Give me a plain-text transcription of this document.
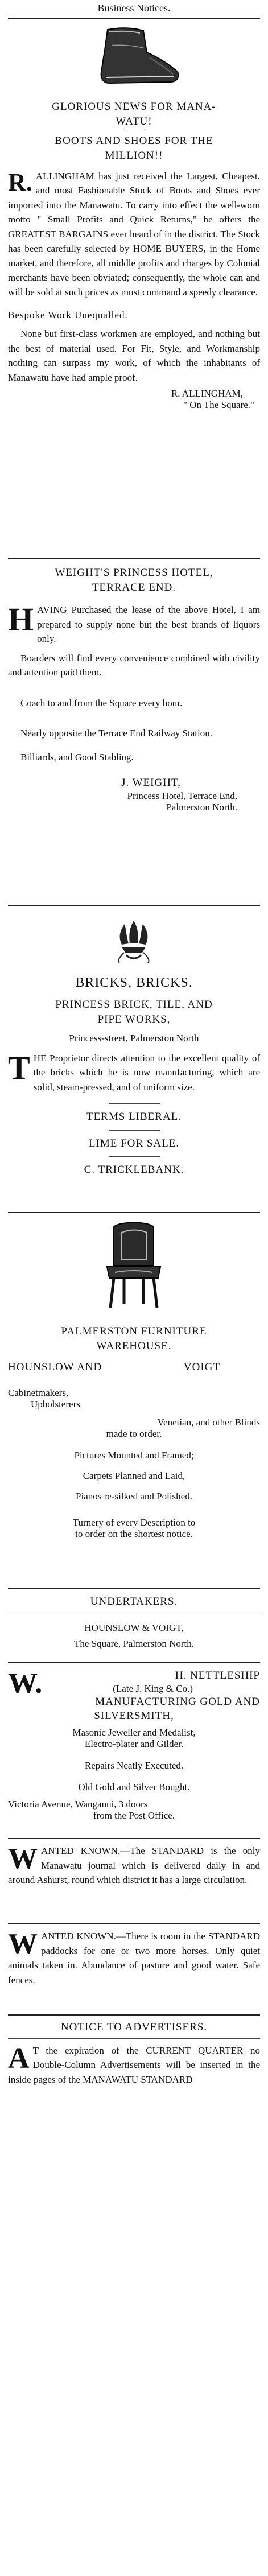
Business Notices.
GLORIOUS NEWS FOR MANA-
WATU!
BOOTS AND SHOES FOR THE
MILLION!!
R. ALLINGHAM has just received the Largest, Cheapest, and most Fashionable Stock of Boots and Shoes ever imported into the Manawatu. To carry into effect the well-worn motto " Small Profits and Quick Returns," he offers the GREATEST BARGAINS ever heard of in the district. The Stock has been carefully selected by HOME BUYERS, in the Home market, and therefore, all middle profits and charges by Colonial merchants have been obviated; consequently, the whole can and will be sold at such prices as must command a speedy clearance.

Bespoke Work Unequalled.

None but first-class workmen are employed, and nothing but the best of material used. For Fit, Style, and Workmanship nothing can surpass my work, of which the inhabitants of Manawatu have had ample proof.

R. ALLINGHAM,
" On The Square."
WEIGHT'S PRINCESS HOTEL,
TERRACE END.
H AVING Purchased the lease of the above Hotel, I am prepared to supply none but the best brands of liquors only.

Boarders will find every convenience combined with civility and attention paid them.

Coach to and from the Square every hour.

Nearly opposite the Terrace End Railway Station.

Billiards, and Good Stabling.

J. WEIGHT,
Princess Hotel, Terrace End,
Palmerston North.
BRICKS, BRICKS.
PRINCESS BRICK, TILE, AND
PIPE WORKS,
Princess-street, Palmerston North
T HE Proprietor directs attention to the excellent quality of the bricks which he is now manufacturing, which are solid, steam-pressed, and of uniform size.

TERMS LIBERAL.
LIME FOR SALE.
C. TRICKLEBANK.
PALMERSTON FURNITURE
WAREHOUSE.
HOUNSLOW AND	VOIGT
Cabinetmakers,
Upholsterers
Venetian, and other Blinds
made to order.
Pictures Mounted and Framed;
Carpets Planned and Laid,
Pianos re-silked and Polished.
Turnery of every Description to
to order on the shortest notice.
UNDERTAKERS.
HOUNSLOW & VOIGT,
The Square, Palmerston North.
W.	H. NETTLESHIP
(Late J. King & Co.)
MANUFACTURING GOLD AND
SILVERSMITH,
Masonic Jeweller and Medalist,
Electro-plater and Gilder.
Repairs Neatly Executed.
Old Gold and Silver Bought.
Victoria Avenue, Wanganui, 3 doors
from the Post Office.
W ANTED KNOWN.—The STANDARD is the only Manawatu journal which is delivered daily in and around Ashurst, round which district it has a large circulation.

W ANTED KNOWN.—There is room in the STANDARD paddocks for one or two more horses. Only quiet animals taken in. Abundance of pasture and good water. Safe fences.

NOTICE TO ADVERTISERS.
A T the expiration of the CURRENT QUARTER no Double-Column Advertisements will be inserted in the inside pages of the MANAWATU STANDARD
